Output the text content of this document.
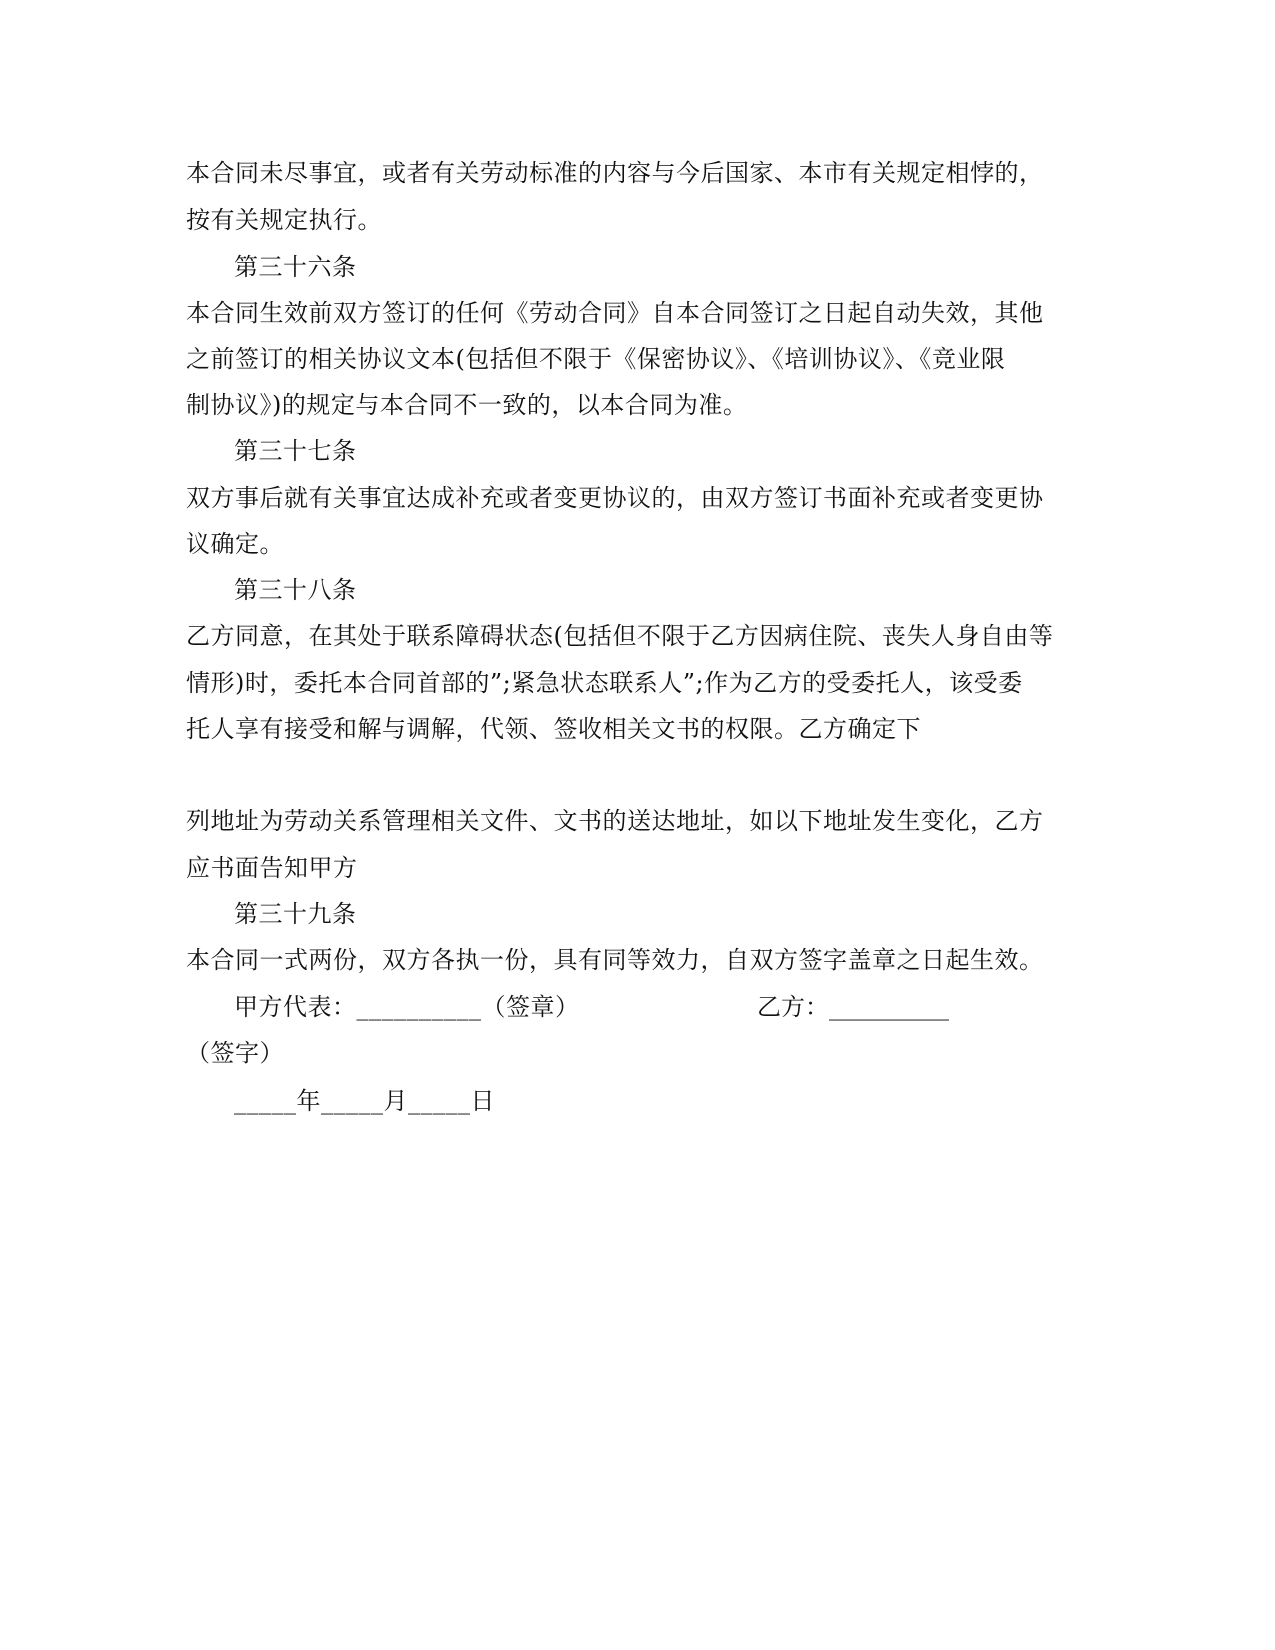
本合同未尽事宜，或者有关劳动标准的内容与今后国家、本市有关规定相悖的，
按有关规定执行。
第三十六条
本合同生效前双方签订的任何《劳动合同》自本合同签订之日起自动失效，其他
之前签订的相关协议文本(包括但不限于《保密协议》、《培训协议》、《竞业限
制协议》)的规定与本合同不一致的，以本合同为准。
第三十七条
双方事后就有关事宜达成补充或者变更协议的，由双方签订书面补充或者变更协
议确定。
第三十八条
乙方同意，在其处于联系障碍状态(包括但不限于乙方因病住院、丧失人身自由等
情形)时，委托本合同首部的”;紧急状态联系人”;作为乙方的受委托人，该受委
托人享有接受和解与调解，代领、签收相关文书的权限。乙方确定下
列地址为劳动关系管理相关文件、文书的送达地址，如以下地址发生变化，乙方
应书面告知甲方
第三十九条
本合同一式两份，双方各执一份，具有同等效力，自双方签字盖章之日起生效。
甲方代表：__________（签章）	乙方：__________
（签字）
_____年_____月_____日
